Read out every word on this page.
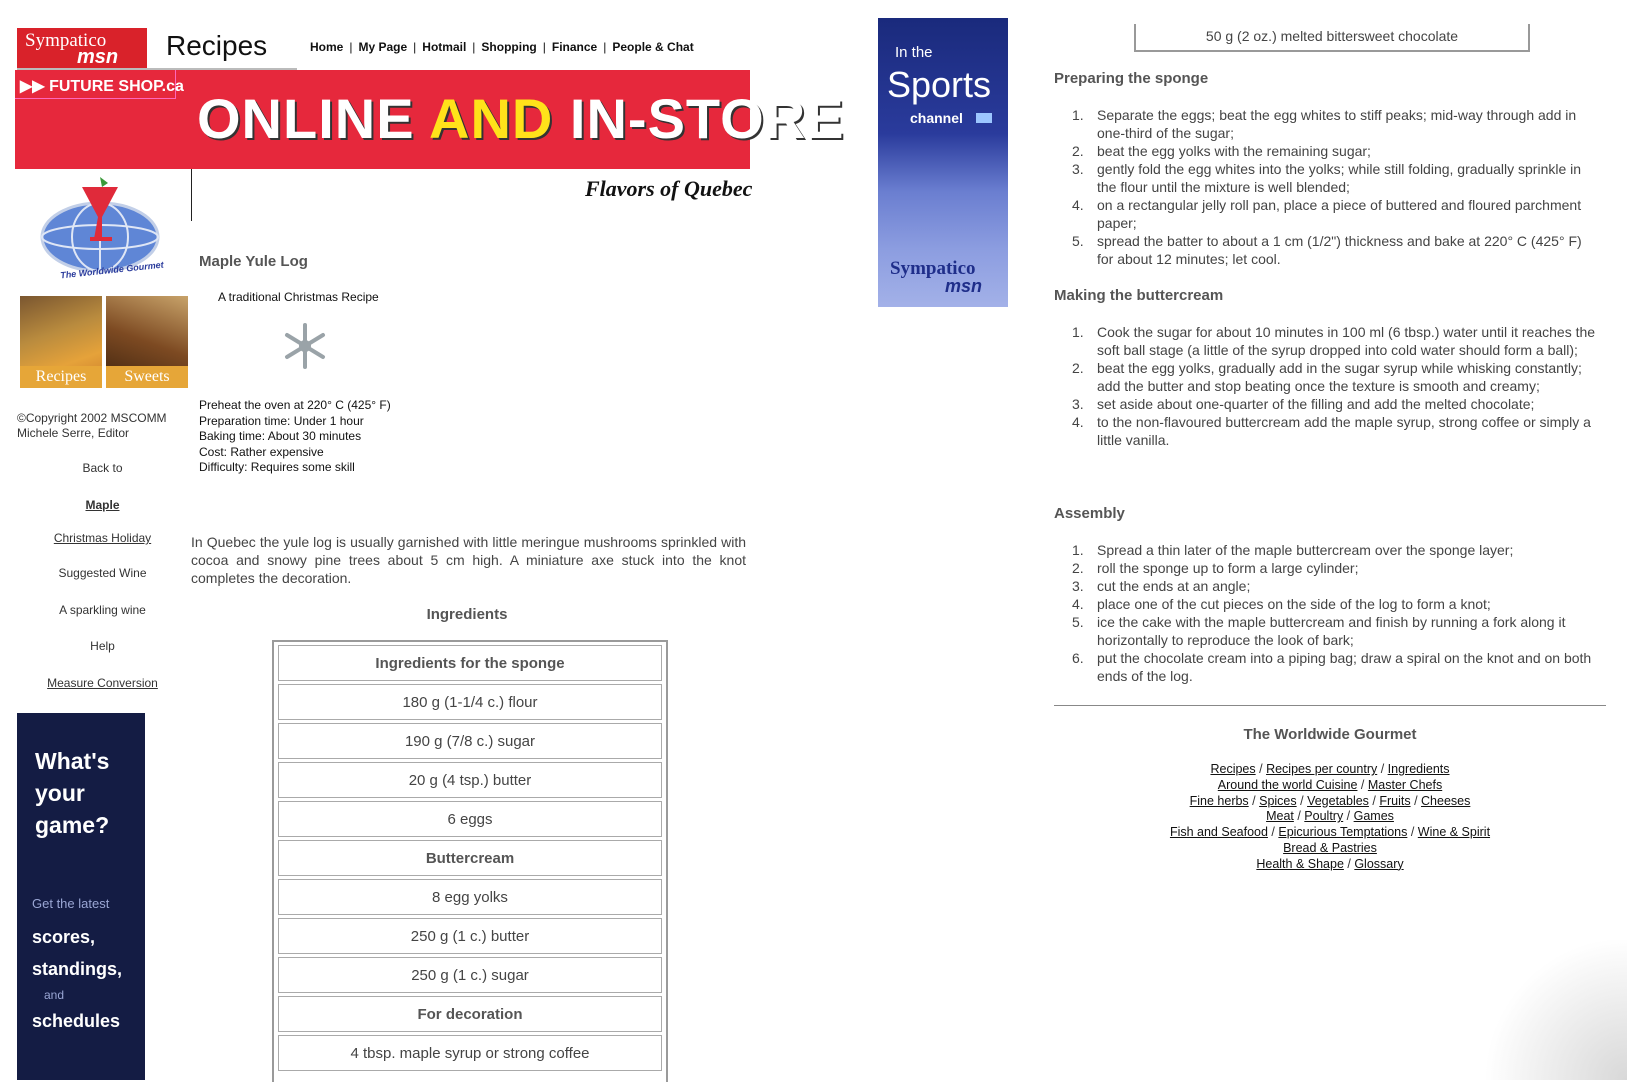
Sympatico
msn Recipes	Home | My Page | Hotmail | Shopping | Finance | People & Chat
▶▶ FUTURE SHOP.ca
ONLINE AND IN-STORE
Flavors of Quebec
The Worldwide Gourmet
Recipes	Sweets
©Copyright 2002 MSCOMM
Michele Serre, Editor
Back to
Maple
Christmas Holiday
Suggested Wine
A sparkling wine
Help
Measure Conversion
What's
your
game?
Get the latest
scores,
standings,
and
schedules
Maple Yule Log
A traditional Christmas Recipe
Preheat the oven at 220° C (425° F)
Preparation time: Under 1 hour
Baking time: About 30 minutes
Cost: Rather expensive
Difficulty: Requires some skill
In Quebec the yule log is usually garnished with little meringue mushrooms sprinkled with cocoa and snowy pine trees about 5 cm high. A miniature axe stuck into the knot completes the decoration.
Ingredients
Ingredients for the sponge
180 g (1-1/4 c.) flour
190 g (7/8 c.) sugar
20 g (4 tsp.) butter
6 eggs
Buttercream
8 egg yolks
250 g (1 c.) butter
250 g (1 c.) sugar
For decoration
4 tbsp. maple syrup or strong coffee
In the
Sports
channel
Sympatico
msn
50 g (2 oz.) melted bittersweet chocolate
Preparing the sponge
1. Separate the eggs; beat the egg whites to stiff peaks; mid-way through add in one-third of the sugar;
2. beat the egg yolks with the remaining sugar;
3. gently fold the egg whites into the yolks; while still folding, gradually sprinkle in the flour until the mixture is well blended;
4. on a rectangular jelly roll pan, place a piece of buttered and floured parchment paper;
5. spread the batter to about a 1 cm (1/2") thickness and bake at 220° C (425° F) for about 12 minutes; let cool.
Making the buttercream
1. Cook the sugar for about 10 minutes in 100 ml (6 tbsp.) water until it reaches the soft ball stage (a little of the syrup dropped into cold water should form a ball);
2. beat the egg yolks, gradually add in the sugar syrup while whisking constantly; add the butter and stop beating once the texture is smooth and creamy;
3. set aside about one-quarter of the filling and add the melted chocolate;
4. to the non-flavoured buttercream add the maple syrup, strong coffee or simply a little vanilla.
Assembly
1. Spread a thin later of the maple buttercream over the sponge layer;
2. roll the sponge up to form a large cylinder;
3. cut the ends at an angle;
4. place one of the cut pieces on the side of the log to form a knot;
5. ice the cake with the maple buttercream and finish by running a fork along it horizontally to reproduce the look of bark;
6. put the chocolate cream into a piping bag; draw a spiral on the knot and on both ends of the log.
The Worldwide Gourmet
Recipes / Recipes per country / Ingredients
Around the world Cuisine / Master Chefs
Fine herbs / Spices / Vegetables / Fruits / Cheeses
Meat / Poultry / Games
Fish and Seafood / Epicurious Temptations / Wine & Spirit
Bread & Pastries
Health & Shape / Glossary
